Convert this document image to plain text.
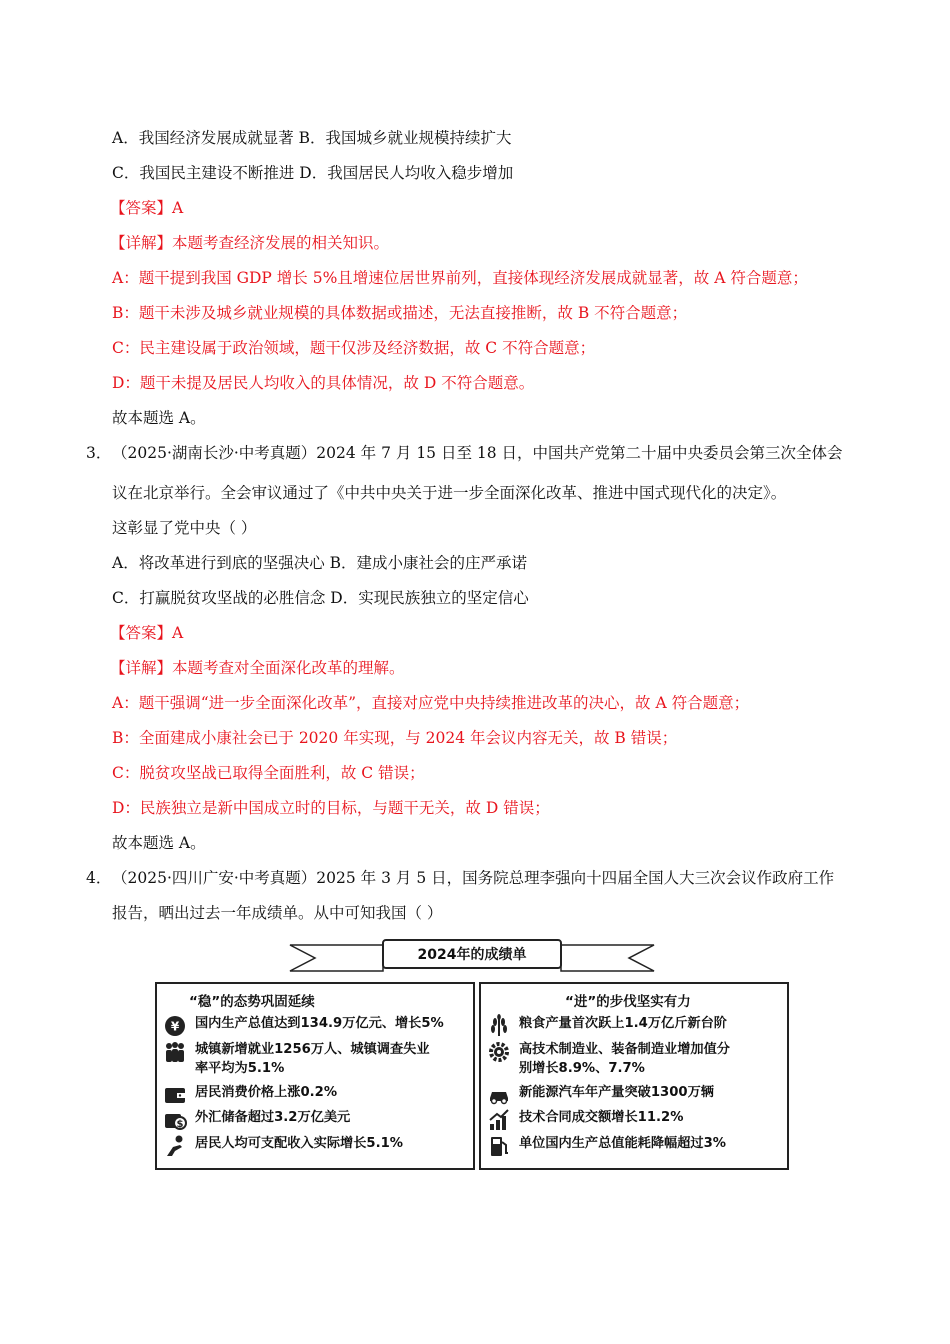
A．我国经济发展成就显著 B．我国城乡就业规模持续扩大
C．我国民主建设不断推进 D．我国居民人均收入稳步增加
【答案】A
【详解】本题考查经济发展的相关知识。
A：题干提到我国 GDP 增长 5%且增速位居世界前列，直接体现经济发展成就显著，故 A 符合题意；
B：题干未涉及城乡就业规模的具体数据或描述，无法直接推断，故 B 不符合题意；
C：民主建设属于政治领域，题干仅涉及经济数据，故 C 不符合题意；
D：题干未提及居民人均收入的具体情况，故 D 不符合题意。
故本题选 A。
3． （2025·湖南长沙·中考真题）2024 年 7 月 15 日至 18 日，中国共产党第二十届中央委员会第三次全体会
议在北京举行。全会审议通过了《中共中央关于进一步全面深化改革、推进中国式现代化的决定》。
这彰显了党中央（ ）
A．将改革进行到底的坚强决心 B．建成小康社会的庄严承诺
C．打赢脱贫攻坚战的必胜信念 D．实现民族独立的坚定信心
【答案】A
【详解】本题考查对全面深化改革的理解。
A：题干强调“进一步全面深化改革”，直接对应党中央持续推进改革的决心，故 A 符合题意；
B：全面建成小康社会已于 2020 年实现，与 2024 年会议内容无关，故 B 错误；
C：脱贫攻坚战已取得全面胜利，故 C 错误；
D：民族独立是新中国成立时的目标，与题干无关，故 D 错误；
故本题选 A。
4． （2025·四川广安·中考真题）2025 年 3 月 5 日，国务院总理李强向十四届全国人大三次会议作政府工作
报告，晒出过去一年成绩单。从中可知我国（ ）
2024年的成绩单
“稳”的态势巩固延续
¥ 国内生产总值达到134.9万亿元、增长5%
城镇新增就业1256万人、城镇调查失业
率平均为5.1%
居民消费价格上涨0.2%
$ 外汇储备超过3.2万亿美元
居民人均可支配收入实际增长5.1%
“进”的步伐坚实有力
粮食产量首次跃上1.4万亿斤新台阶
高技术制造业、装备制造业增加值分
别增长8.9%、7.7%
新能源汽车年产量突破1300万辆
技术合同成交额增长11.2%
单位国内生产总值能耗降幅超过3%
